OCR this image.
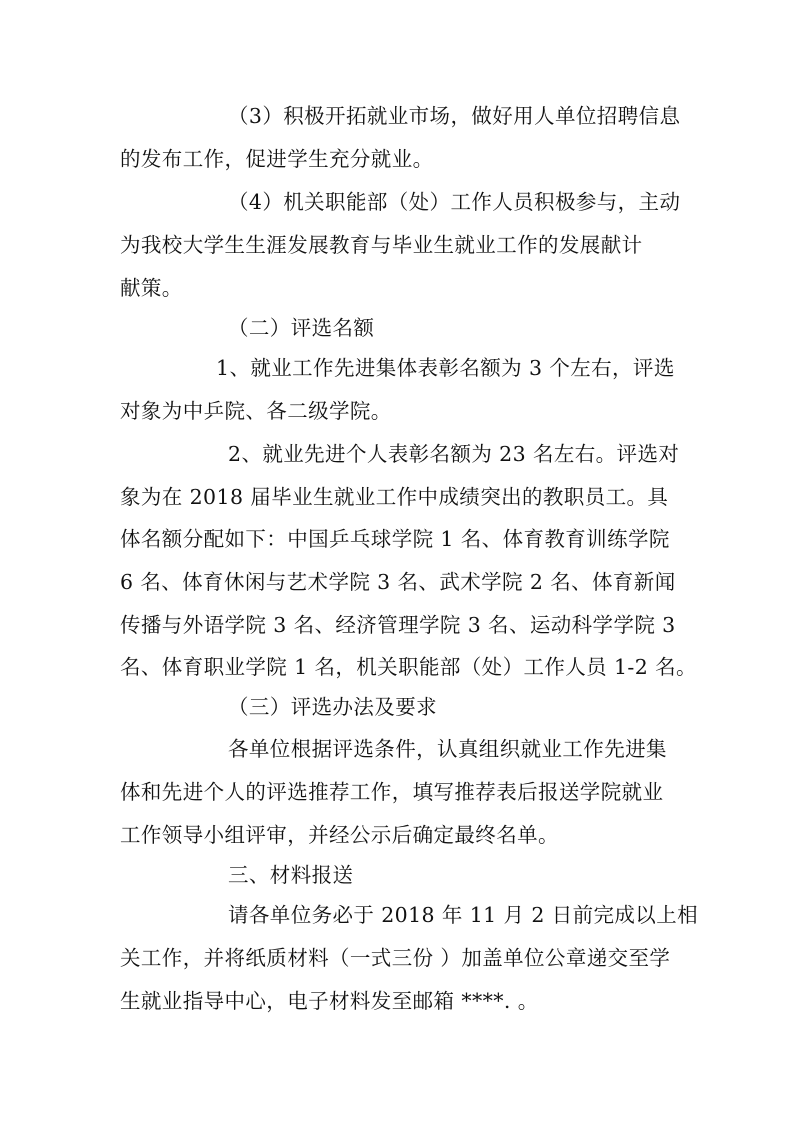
（3）积极开拓就业市场，做好用人单位招聘信息
的发布工作，促进学生充分就业。
（4）机关职能部（处）工作人员积极参与，主动
为我校大学生生涯发展教育与毕业生就业工作的发展献计
献策。
（二）评选名额
1、就业工作先进集体表彰名额为 3 个左右，评选
对象为中乒院、各二级学院。
2、就业先进个人表彰名额为 23 名左右。评选对
象为在 2018 届毕业生就业工作中成绩突出的教职员工。具
体名额分配如下：中国乒乓球学院 1 名、体育教育训练学院
6 名、体育休闲与艺术学院 3 名、武术学院 2 名、体育新闻
传播与外语学院 3 名、经济管理学院 3 名、运动科学学院 3
名、体育职业学院 1 名，机关职能部（处）工作人员 1-2 名。
（三）评选办法及要求
各单位根据评选条件，认真组织就业工作先进集
体和先进个人的评选推荐工作，填写推荐表后报送学院就业
工作领导小组评审，并经公示后确定最终名单。
三、材料报送
请各单位务必于 2018 年 11 月 2 日前完成以上相
关工作，并将纸质材料（一式三份 ）加盖单位公章递交至学
生就业指导中心，电子材料发至邮箱 ****. 。
